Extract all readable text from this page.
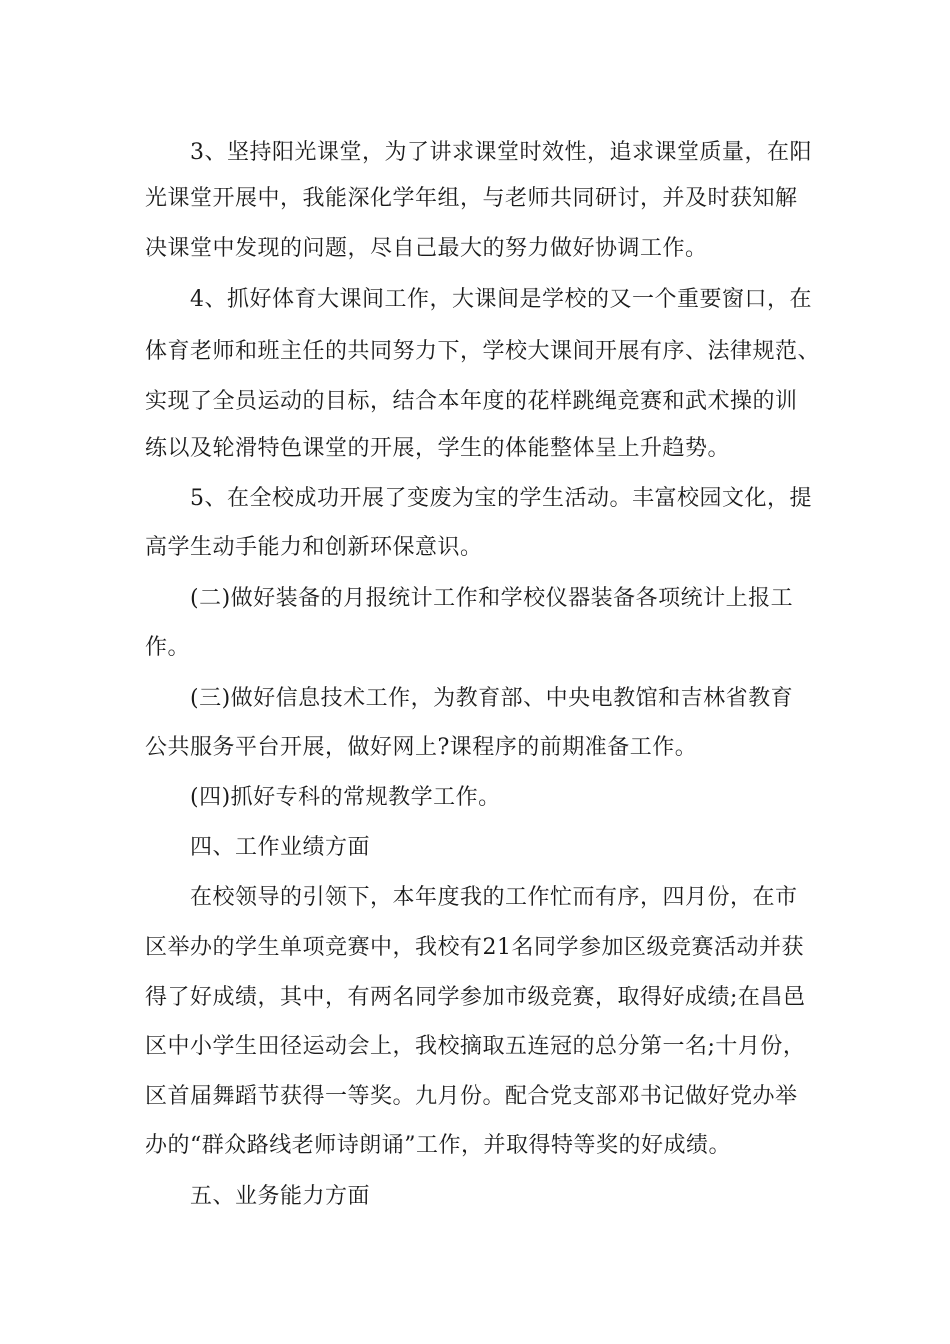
3、坚持阳光课堂，为了讲求课堂时效性，追求课堂质量，在阳
光课堂开展中，我能深化学年组，与老师共同研讨，并及时获知解
决课堂中发现的问题，尽自己最大的努力做好协调工作。
4、抓好体育大课间工作，大课间是学校的又一个重要窗口，在
体育老师和班主任的共同努力下，学校大课间开展有序、法律规范、
实现了全员运动的目标，结合本年度的花样跳绳竞赛和武术操的训
练以及轮滑特色课堂的开展，学生的体能整体呈上升趋势。
5、在全校成功开展了变废为宝的学生活动。丰富校园文化，提
高学生动手能力和创新环保意识。
(二)做好装备的月报统计工作和学校仪器装备各项统计上报工
作。
(三)做好信息技术工作，为教育部、中央电教馆和吉林省教育
公共服务平台开展，做好网上?课程序的前期准备工作。
(四)抓好专科的常规教学工作。
四、工作业绩方面
在校领导的引领下，本年度我的工作忙而有序，四月份，在市
区举办的学生单项竞赛中，我校有21名同学参加区级竞赛活动并获
得了好成绩，其中，有两名同学参加市级竞赛，取得好成绩;在昌邑
区中小学生田径运动会上，我校摘取五连冠的总分第一名;十月份，
区首届舞蹈节获得一等奖。九月份。配合党支部邓书记做好党办举
办的“群众路线老师诗朗诵”工作，并取得特等奖的好成绩。
五、业务能力方面
